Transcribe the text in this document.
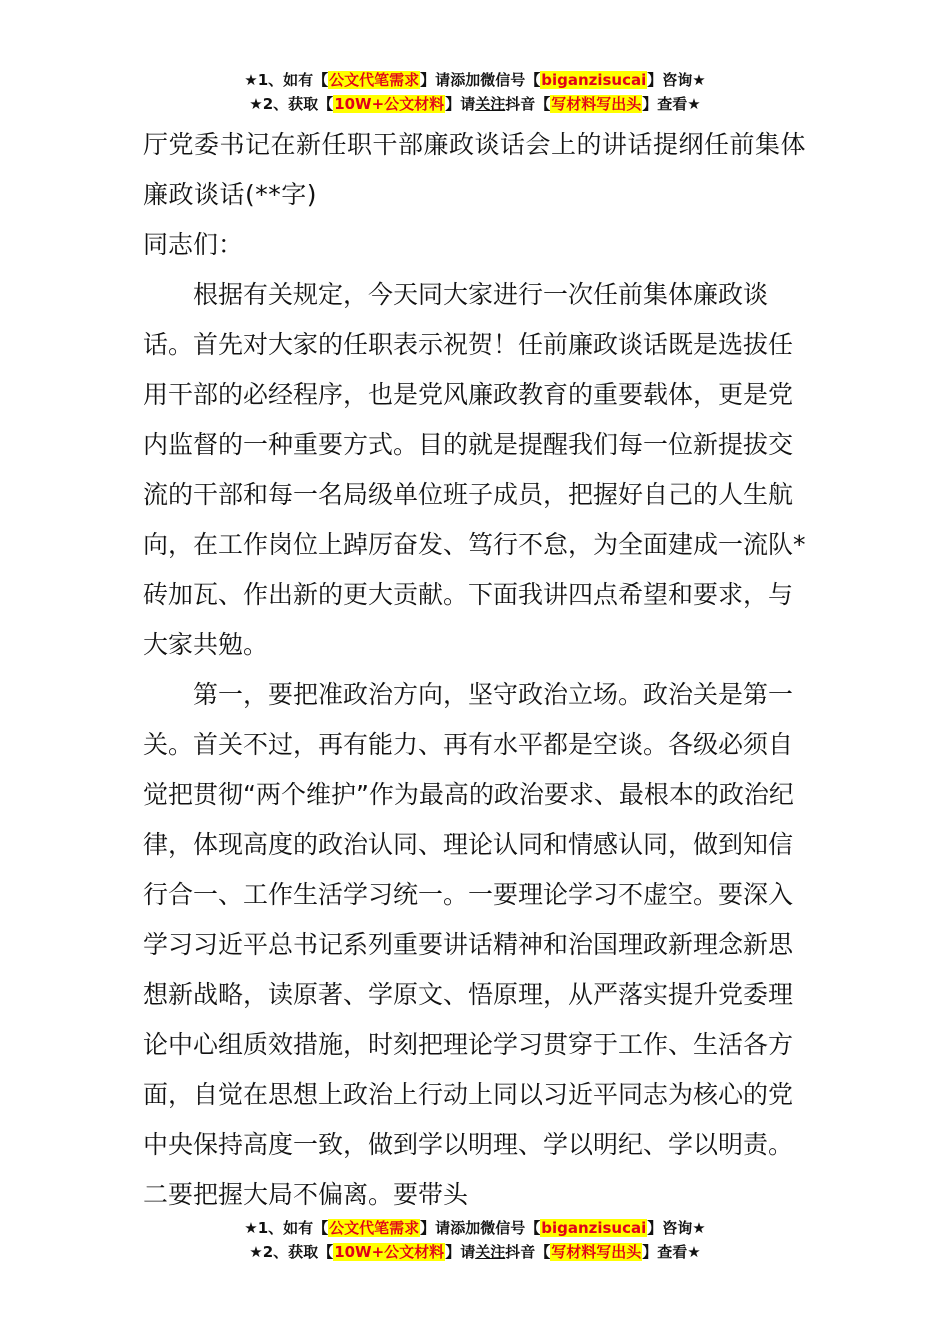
★1、如有【公文代笔需求】请添加微信号【biganzisucai】咨询★
★2、获取【10W+公文材料】请关注抖音【写材料写出头】查看★

厅党委书记在新任职干部廉政谈话会上的讲话提纲任前集体廉政谈话(**字)

同志们：

根据有关规定，今天同大家进行一次任前集体廉政谈话。首先对大家的任职表示祝贺！任前廉政谈话既是选拔任用干部的必经程序，也是党风廉政教育的重要载体，更是党内监督的一种重要方式。目的就是提醒我们每一位新提拔交流的干部和每一名局级单位班子成员，把握好自己的人生航向，在工作岗位上踔厉奋发、笃行不怠，为全面建成一流队*砖加瓦、作出新的更大贡献。下面我讲四点希望和要求，与大家共勉。

第一，要把准政治方向，坚守政治立场。政治关是第一关。首关不过，再有能力、再有水平都是空谈。各级必须自觉把贯彻“两个维护”作为最高的政治要求、最根本的政治纪律，体现高度的政治认同、理论认同和情感认同，做到知信行合一、工作生活学习统一。一要理论学习不虚空。要深入学习习近平总书记系列重要讲话精神和治国理政新理念新思想新战略，读原著、学原文、悟原理，从严落实提升党委理论中心组质效措施，时刻把理论学习贯穿于工作、生活各方面，自觉在思想上政治上行动上同以习近平同志为核心的党中央保持高度一致，做到学以明理、学以明纪、学以明责。二要把握大局不偏离。要带头

★1、如有【公文代笔需求】请添加微信号【biganzisucai】咨询★
★2、获取【10W+公文材料】请关注抖音【写材料写出头】查看★
